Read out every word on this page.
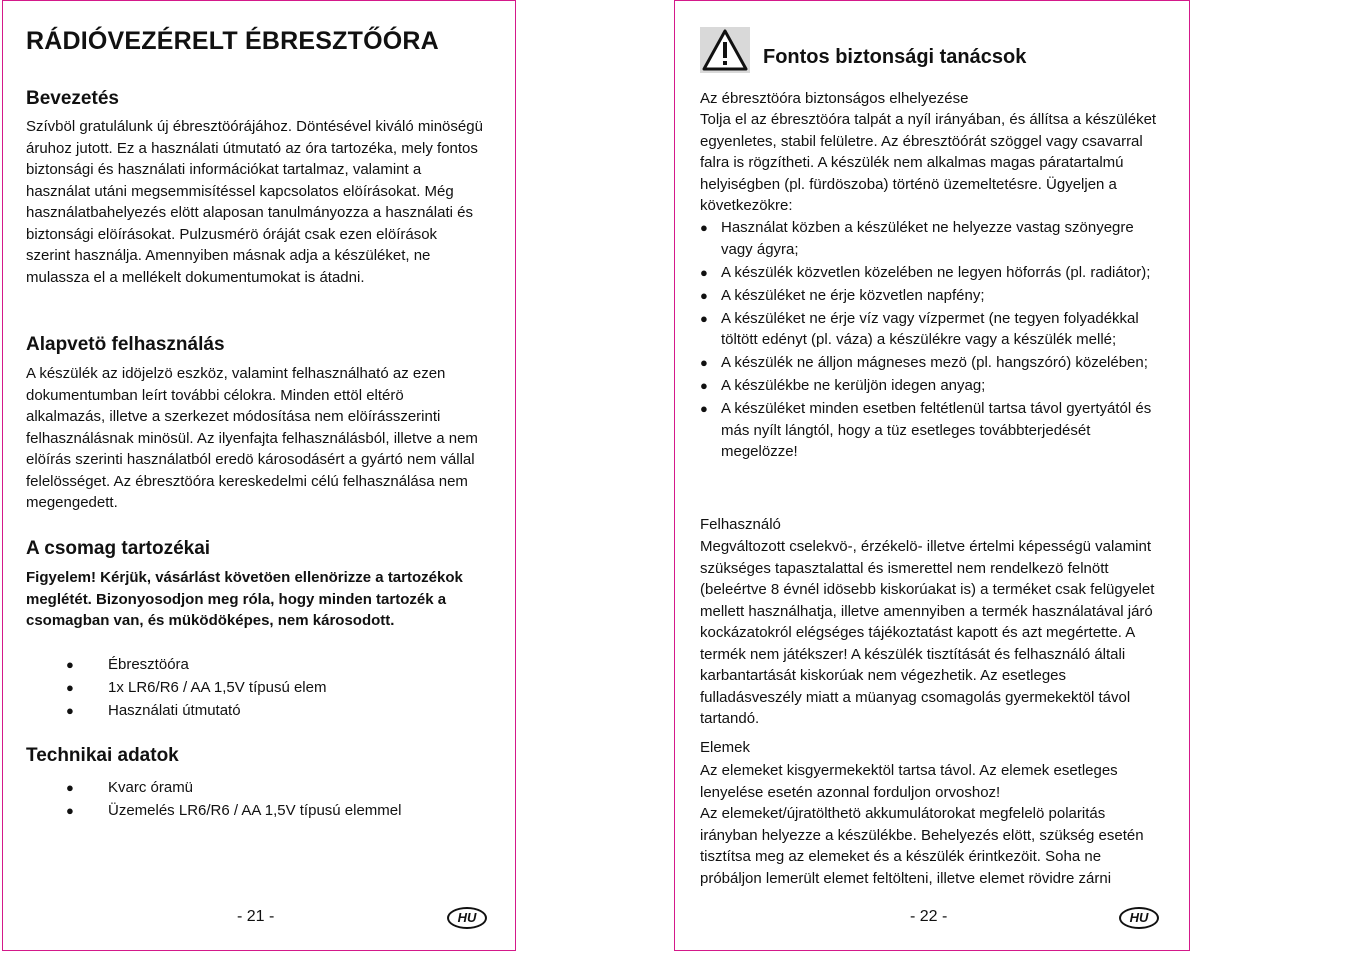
RÁDIÓVEZÉRELT ÉBRESZTŐÓRA
Bevezetés

Szívböl gratulálunk új ébresztöórájához. Döntésével kiváló minöségü áruhoz jutott. Ez a használati útmutató az óra tartozéka, mely fontos biztonsági és használati információkat tartalmaz, valamint a használat utáni megsemmisítéssel kapcsolatos elöírásokat. Még használatbahelyezés elött alaposan tanulmányozza a használati és biztonsági elöírásokat. Pulzusmérö óráját csak ezen elöírások szerint használja. Amennyiben másnak adja a készüléket, ne mulassza el a mellékelt dokumentumokat is átadni.

Alapvetö felhasználás

A készülék az idöjelzö eszköz, valamint felhasználható az ezen dokumentumban leírt további célokra. Minden ettöl eltérö alkalmazás, illetve a szerkezet módosítása nem elöírásszerinti felhasználásnak minösül. Az ilyenfajta felhasználásból, illetve a nem elöírás szerinti használatból eredö károsodásért a gyártó nem vállal felelösséget. Az ébresztöóra kereskedelmi célú felhasználása nem megengedett.

A csomag tartozékai

Figyelem! Kérjük, vásárlást követöen ellenörizze a tartozékok meglétét. Bizonyosodjon meg róla, hogy minden tartozék a csomagban van, és müködöképes, nem károsodott.

● Ébresztöóra
● 1x LR6/R6 / AA 1,5V típusú elem
● Használati útmutató
Technikai adatok
● Kvarc óramü
● Üzemelés LR6/R6 / AA 1,5V típusú elemmel
- 21 -	HU
Fontos biztonsági tanácsok
Az ébresztöóra biztonságos elhelyezése

Tolja el az ébresztöóra talpát a nyíl irányában, és állítsa a készüléket egyenletes, stabil felületre. Az ébresztöórát szöggel vagy csavarral falra is rögzítheti. A készülék nem alkalmas magas páratartalmú helyiségben (pl. fürdöszoba) történö üzemeltetésre. Ügyeljen a következökre:

● Használat közben a készüléket ne helyezze vastag szönyegre vagy ágyra;
● A készülék közvetlen közelében ne legyen höforrás (pl. radiátor);
● A készüléket ne érje közvetlen napfény;
● A készüléket ne érje víz vagy vízpermet (ne tegyen folyadékkal töltött edényt (pl. váza) a készülékre vagy a készülék mellé;
● A készülék ne álljon mágneses mezö (pl. hangszóró) közelében;
● A készülékbe ne kerüljön idegen anyag;
● A készüléket minden esetben feltétlenül tartsa távol gyertyától és más nyílt lángtól, hogy a tüz esetleges továbbterjedését megelözze!
Felhasználó

Megváltozott cselekvö-, érzékelö- illetve értelmi képességü valamint szükséges tapasztalattal és ismerettel nem rendelkezö felnött (beleértve 8 évnél idösebb kiskorúakat is) a terméket csak felügyelet mellett használhatja, illetve amennyiben a termék használatával járó kockázatokról elégséges tájékoztatást kapott és azt megértette. A termék nem játékszer! A készülék tisztítását és felhasználó általi karbantartását kiskorúak nem végezhetik. Az esetleges fulladásveszély miatt a müanyag csomagolás gyermekektöl távol tartandó.

Elemek

Az elemeket kisgyermekektöl tartsa távol. Az elemek esetleges lenyelése esetén azonnal forduljon orvoshoz!

Az elemeket/újratölthetö akkumulátorokat megfelelö polaritás irányban helyezze a készülékbe. Behelyezés elött, szükség esetén tisztítsa meg az elemeket és a készülék érintkezöit. Soha ne próbáljon lemerült elemet feltölteni, illetve elemet rövidre zárni

- 22 -	HU
